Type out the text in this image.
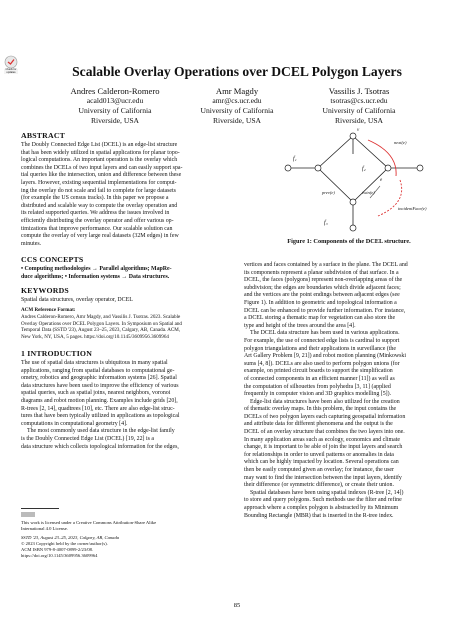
Check for updates	Scalable Overlay Operations over DCEL Polygon Layers
Andres Calderon-Romero
acald013@ucr.edu
University of California
Riverside, USA
Amr Magdy
amr@cs.ucr.edu
University of California
Riverside, USA
Vassilis J. Tsotras
tsotras@cs.ucr.edu
University of California
Riverside, USA
ABSTRACT
The Doubly Connected Edge List (DCEL) is an edge-list structure
that has been widely utilized in spatial applications for planar topo-
logical computations. An important operation is the overlay which
combines the DCELs of two input layers and can easily support spa-
tial queries like the intersection, union and difference between these
layers. However, existing sequential implementations for comput-
ing the overlay do not scale and fail to complete for large datasets
(for example the US census tracks). In this paper we propose a
distributed and scalable way to compute the overlay operation and
its related supported queries. We address the issues involved in
efficiently distributing the overlay operator and offer various op-
timizations that improve performance. Our scalable solution can
compute the overlay of very large real datasets (32M edges) in few
minutes.
CCS CONCEPTS
• Computing methodologies → Parallel algorithms; MapRe-
duce algorithms; • Information systems → Data structures.
KEYWORDS
Spatial data structures, overlay operator, DCEL
ACM Reference Format:
Andres Calderon-Romero, Amr Magdy, and Vassilis J. Tsotras. 2023. Scalable
Overlay Operations over DCEL Polygon Layers. In Symposium on Spatial and
Temporal Data (SSTD '23), August 23–25, 2023, Calgary, AB, Canada. ACM,
New York, NY, USA, 5 pages. https://doi.org/10.1145/3609956.3609964
1 INTRODUCTION
The use of spatial data structures is ubiquitous in many spatial
applications, ranging from spatial databases to computational ge-
ometry, robotics and geographic information systems [26]. Spatial
data structures have been used to improve the efficiency of various
spatial queries, such as spatial joins, nearest neighbors, voronoi
diagrams and robot motion planning. Examples include grids [20],
R-trees [2, 14], quadtrees [10], etc. There are also edge-list struc-
tures that have been typically utilized in applications as topological
computations in computational geometry [4].
The most commonly used data structure in the edge-list family
is the Doubly Connected Edge List (DCEL) [19, 22] is a
data structure which collects topological information for the edges,
This work is licensed under a Creative Commons Attribution-Share Alike
International 4.0 License.
SSTD '23, August 23–25, 2023, Calgary, AB, Canada
© 2023 Copyright held by the owner/author(s).
ACM ISBN 979-8-4007-0899-2/23/08.
https://doi.org/10.1145/3609956.3609964
v
f₁
f₂
e
next(e)
prev(e)	twin(e)
incidentFace(e)
f₃
Figure 1: Components of the DCEL structure.
vertices and faces contained by a surface in the plane. The DCEL and
its components represent a planar subdivision of that surface. In a
DCEL, the faces (polygons) represent non-overlapping areas of the
subdivision; the edges are boundaries which divide adjacent faces;
and the vertices are the point endings between adjacent edges (see
Figure 1). In addition to geometric and topological information a
DCEL can be enhanced to provide further information. For instance,
a DCEL storing a thematic map for vegetation can also store the
type and height of the trees around the area [4].
The DCEL data structure has been used in various applications.
For example, the use of connected edge lists is cardinal to support
polygon triangulations and their applications in surveillance (the
Art Gallery Problem [9, 21]) and robot motion planning (Minkowski
sums [4, 8]). DCELs are also used to perform polygon unions (for
example, on printed circuit boards to support the simplification
of connected components in an efficient manner [11]) as well as
the computation of silhouettes from polyhedra [3, 11] (applied
frequently in computer vision and 3D graphics modelling [5]).
Edge-list data structures have been also utilized for the creation
of thematic overlay maps. In this problem, the input contains the
DCELs of two polygon layers each capturing geospatial information
and attribute data for different phenomena and the output is the
DCEL of an overlay structure that combines the two layers into one.
In many application areas such as ecology, economics and climate
change, it is important to be able of join the input layers and search
for relationships in order to unveil patterns or anomalies in data
which can be highly impacted by location. Several operations can
then be easily computed given an overlay; for instance, the user
may want to find the intersection between the input layers, identify
their difference (or symmetric difference), or create their union.
Spatial databases have been using spatial indexes (R-tree [2, 14])
to store and query polygons. Such methods use the filter and refine
approach where a complex polygon is abstracted by its Minimum
Bounding Rectangle (MBR) that is inserted in the R-tree index.
85
